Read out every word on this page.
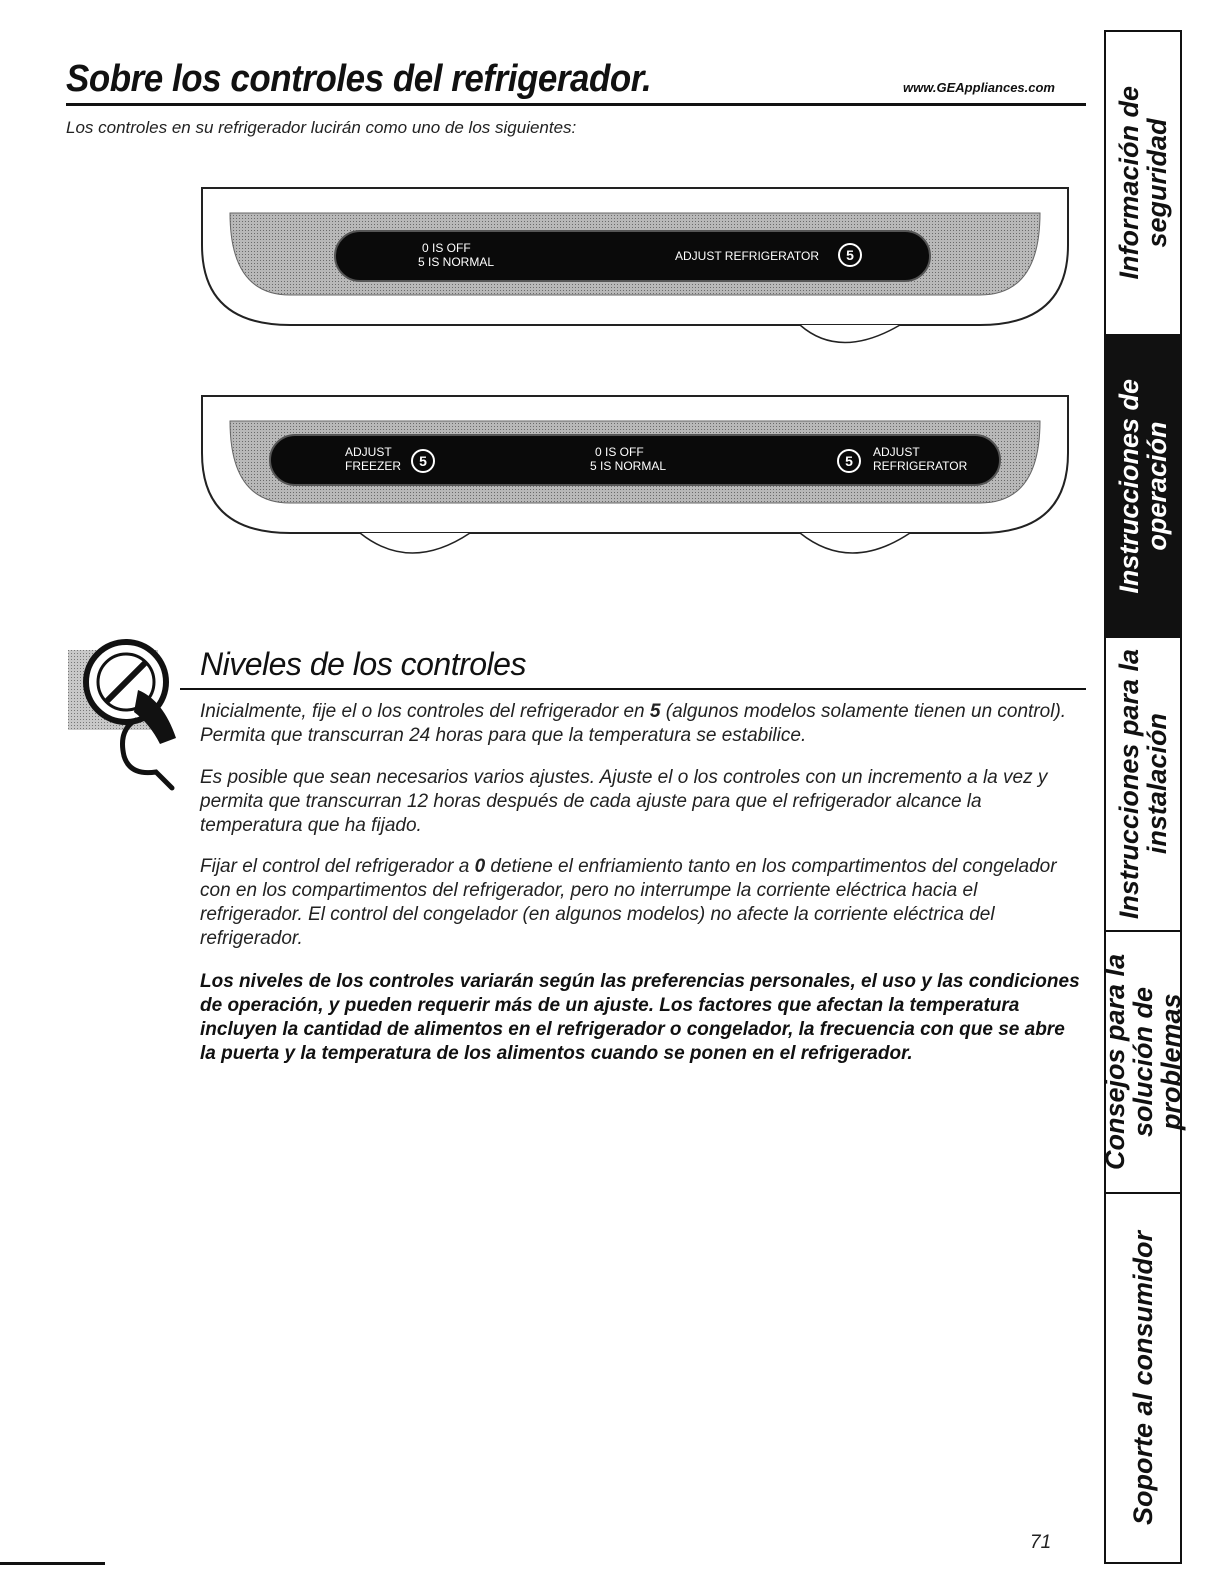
Sobre los controles del refrigerador.	www.GEAppliances.com
Los controles en su refrigerador lucirán como uno de los siguientes:
0 IS OFF
5 IS NORMAL	ADJUST REFRIGERATOR	5
ADJUST
FREEZER	5
0 IS OFF
5 IS NORMAL	5
ADJUST
REFRIGERATOR
Niveles de los controles
Inicialmente, fije el o los controles del refrigerador en 5 (algunos modelos solamente tienen un control). Permita que transcurran 24 horas para que la temperatura se estabilice.
Es posible que sean necesarios varios ajustes. Ajuste el o los controles con un incremento a la vez y permita que transcurran 12 horas después de cada ajuste para que el refrigerador alcance la temperatura que ha fijado.
Fijar el control del refrigerador a 0 detiene el enfriamiento tanto en los compartimentos del congelador con en los compartimentos del refrigerador, pero no interrumpe la corriente eléctrica hacia el refrigerador. El control del congelador (en algunos modelos) no afecte la corriente eléctrica del refrigerador.
Los niveles de los controles variarán según las preferencias personales, el uso y las condiciones de operación, y pueden requerir más de un ajuste. Los factores que afectan la temperatura incluyen la cantidad de alimentos en el refrigerador o congelador, la frecuencia con que se abre la puerta y la temperatura de los alimentos cuando se ponen en el refrigerador.
71
Información de
seguridad
Instrucciones de
operación
Instrucciones para la
instalación
Consejos para la
solución de problemas
Soporte al consumidor
